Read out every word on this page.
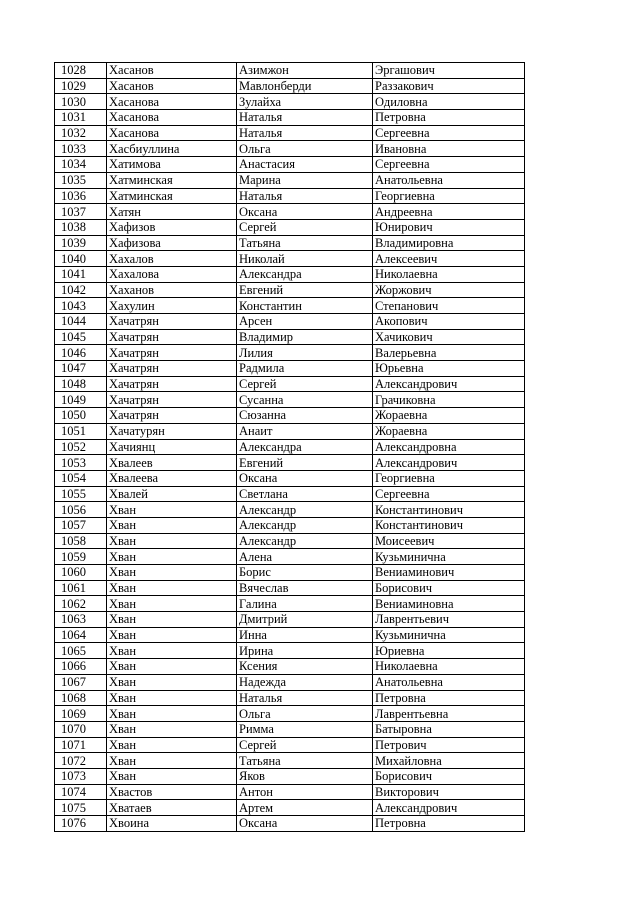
1028	Хасанов	Азимжон	Эргашович
1029	Хасанов	Мавлонберди	Раззакович
1030	Хасанова	Зулайха	Одиловна
1031	Хасанова	Наталья	Петровна
1032	Хасанова	Наталья	Сергеевна
1033	Хасбиуллина	Ольга	Ивановна
1034	Хатимова	Анастасия	Сергеевна
1035	Хатминская	Марина	Анатольевна
1036	Хатминская	Наталья	Георгиевна
1037	Хатян	Оксана	Андреевна
1038	Хафизов	Сергей	Юнирович
1039	Хафизова	Татьяна	Владимировна
1040	Хахалов	Николай	Алексеевич
1041	Хахалова	Александра	Николаевна
1042	Хаханов	Евгений	Жоржович
1043	Хахулин	Константин	Степанович
1044	Хачатрян	Арсен	Акопович
1045	Хачатрян	Владимир	Хачикович
1046	Хачатрян	Лилия	Валерьевна
1047	Хачатрян	Радмила	Юрьевна
1048	Хачатрян	Сергей	Александрович
1049	Хачатрян	Сусанна	Грачиковна
1050	Хачатрян	Сюзанна	Жораевна
1051	Хачатурян	Анаит	Жораевна
1052	Хачиянц	Александра	Александровна
1053	Хвалеев	Евгений	Александрович
1054	Хвалеева	Оксана	Георгиевна
1055	Хвалей	Светлана	Сергеевна
1056	Хван	Александр	Константинович
1057	Хван	Александр	Константинович
1058	Хван	Александр	Моисеевич
1059	Хван	Алена	Кузьминична
1060	Хван	Борис	Вениаминович
1061	Хван	Вячеслав	Борисович
1062	Хван	Галина	Вениаминовна
1063	Хван	Дмитрий	Лаврентьевич
1064	Хван	Инна	Кузьминична
1065	Хван	Ирина	Юриевна
1066	Хван	Ксения	Николаевна
1067	Хван	Надежда	Анатольевна
1068	Хван	Наталья	Петровна
1069	Хван	Ольга	Лаврентьевна
1070	Хван	Римма	Батыровна
1071	Хван	Сергей	Петрович
1072	Хван	Татьяна	Михайловна
1073	Хван	Яков	Борисович
1074	Хвастов	Антон	Викторович
1075	Хватаев	Артем	Александрович
1076	Хвоина	Оксана	Петровна
